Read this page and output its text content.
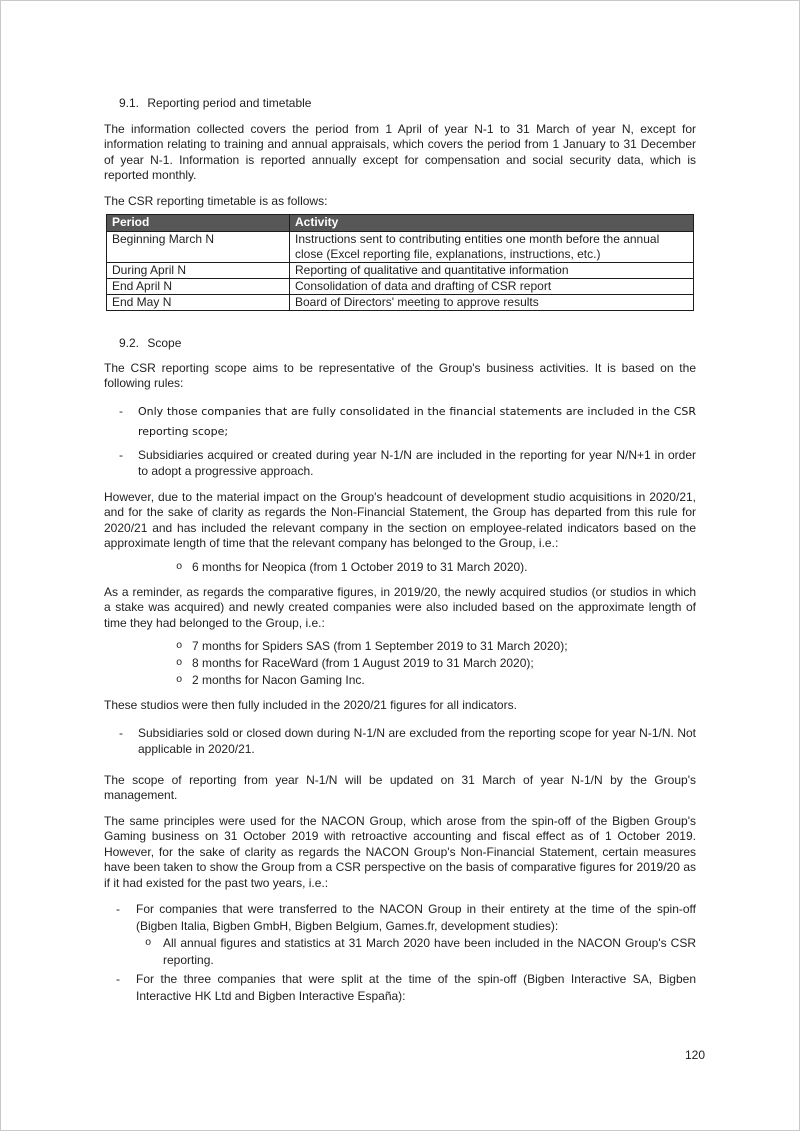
9.1. Reporting period and timetable

The information collected covers the period from 1 April of year N-1 to 31 March of year N, except for information relating to training and annual appraisals, which covers the period from 1 January to 31 December of year N-1. Information is reported annually except for compensation and social security data, which is reported monthly.

The CSR reporting timetable is as follows:

Period	Activity
Beginning March N	Instructions sent to contributing entities one month before the annual close (Excel reporting file, explanations, instructions, etc.)
During April N	Reporting of qualitative and quantitative information
End April N	Consolidation of data and drafting of CSR report
End May N	Board of Directors' meeting to approve results
9.2. Scope

The CSR reporting scope aims to be representative of the Group's business activities. It is based on the following rules:

-	Only those companies that are fully consolidated in the financial statements are included in the CSR reporting scope;
-	Subsidiaries acquired or created during year N-1/N are included in the reporting for year N/N+1 in order to adopt a progressive approach.

However, due to the material impact on the Group's headcount of development studio acquisitions in 2020/21, and for the sake of clarity as regards the Non-Financial Statement, the Group has departed from this rule for 2020/21 and has included the relevant company in the section on employee-related indicators based on the approximate length of time that the relevant company has belonged to the Group, i.e.:

o 6 months for Neopica (from 1 October 2019 to 31 March 2020).

As a reminder, as regards the comparative figures, in 2019/20, the newly acquired studios (or studios in which a stake was acquired) and newly created companies were also included based on the approximate length of time they had belonged to the Group, i.e.:

o 7 months for Spiders SAS (from 1 September 2019 to 31 March 2020);
o 8 months for RaceWard (from 1 August 2019 to 31 March 2020);
o 2 months for Nacon Gaming Inc.

These studios were then fully included in the 2020/21 figures for all indicators.

-	Subsidiaries sold or closed down during N-1/N are excluded from the reporting scope for year N-1/N. Not applicable in 2020/21.

The scope of reporting from year N-1/N will be updated on 31 March of year N-1/N by the Group's management.

The same principles were used for the NACON Group, which arose from the spin-off of the Bigben Group's Gaming business on 31 October 2019 with retroactive accounting and fiscal effect as of 1 October 2019. However, for the sake of clarity as regards the NACON Group's Non-Financial Statement, certain measures have been taken to show the Group from a CSR perspective on the basis of comparative figures for 2019/20 as if it had existed for the past two years, i.e.:

-	For companies that were transferred to the NACON Group in their entirety at the time of the spin-off (Bigben Italia, Bigben GmbH, Bigben Belgium, Games.fr, development studies):
o All annual figures and statistics at 31 March 2020 have been included in the NACON Group's CSR reporting.
-	For the three companies that were split at the time of the spin-off (Bigben Interactive SA, Bigben Interactive HK Ltd and Bigben Interactive España):
120
